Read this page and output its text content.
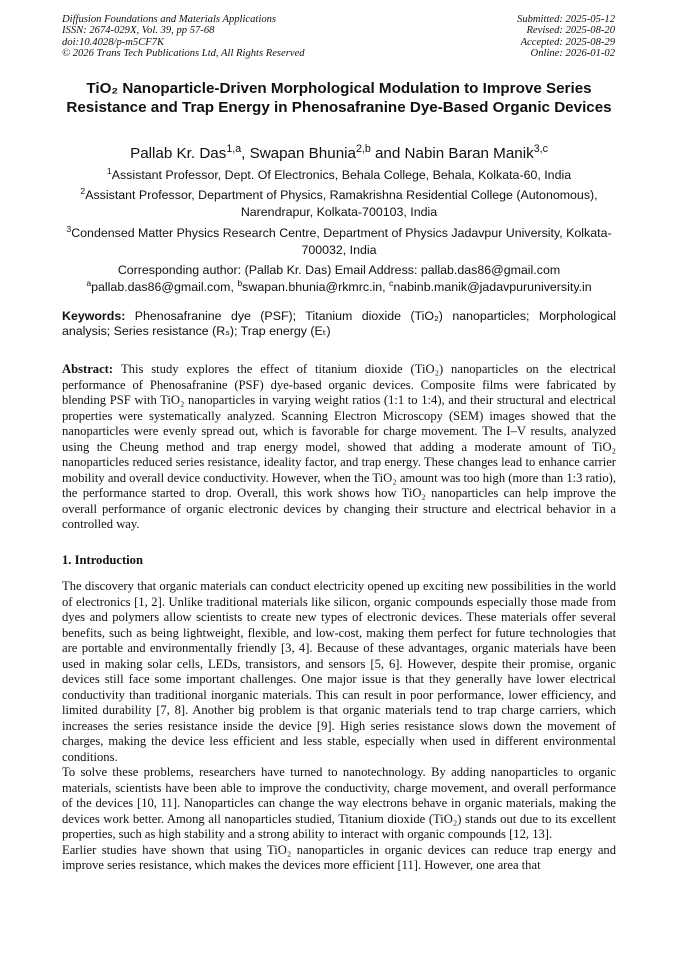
Diffusion Foundations and Materials Applications
ISSN: 2674-029X, Vol. 39, pp 57-68
doi:10.4028/p-m5CF7K
© 2026 Trans Tech Publications Ltd, All Rights Reserved
Submitted: 2025-05-12
Revised: 2025-08-20
Accepted: 2025-08-29
Online: 2026-01-02
TiO₂ Nanoparticle-Driven Morphological Modulation to Improve Series Resistance and Trap Energy in Phenosafranine Dye-Based Organic Devices
Pallab Kr. Das$^{1,a}$, Swapan Bhunia$^{2,b}$ and Nabin Baran Manik$^{3,c}$
$^1$Assistant Professor, Dept. Of Electronics, Behala College, Behala, Kolkata-60, India
$^2$Assistant Professor, Department of Physics, Ramakrishna Residential College (Autonomous), Narendrapur, Kolkata-700103, India
$^3$Condensed Matter Physics Research Centre, Department of Physics Jadavpur University, Kolkata-700032, India
Corresponding author: (Pallab Kr. Das) Email Address: pallab.das86@gmail.com
$^a$pallab.das86@gmail.com, $^b$swapan.bhunia@rkmrc.in, $^c$nabinb.manik@jadavpuruniversity.in
Keywords: Phenosafranine dye (PSF); Titanium dioxide (TiO₂) nanoparticles; Morphological analysis; Series resistance (Rₛ); Trap energy (Eₜ)
Abstract: This study explores the effect of titanium dioxide (TiO₂) nanoparticles on the electrical performance of Phenosafranine (PSF) dye-based organic devices. Composite films were fabricated by blending PSF with TiO₂ nanoparticles in varying weight ratios (1:1 to 1:4), and their structural and electrical properties were systematically analyzed. Scanning Electron Microscopy (SEM) images showed that the nanoparticles were evenly spread out, which is favorable for charge movement. The I–V results, analyzed using the Cheung method and trap energy model, showed that adding a moderate amount of TiO₂ nanoparticles reduced series resistance, ideality factor, and trap energy. These changes lead to enhance carrier mobility and overall device conductivity. However, when the TiO₂ amount was too high (more than 1:3 ratio), the performance started to drop. Overall, this work shows how TiO₂ nanoparticles can help improve the overall performance of organic electronic devices by changing their structure and electrical behavior in a controlled way.
1. Introduction

The discovery that organic materials can conduct electricity opened up exciting new possibilities in the world of electronics [1, 2]. Unlike traditional materials like silicon, organic compounds especially those made from dyes and polymers allow scientists to create new types of electronic devices. These materials offer several benefits, such as being lightweight, flexible, and low-cost, making them perfect for future technologies that are portable and environmentally friendly [3, 4]. Because of these advantages, organic materials have been used in making solar cells, LEDs, transistors, and sensors [5, 6]. However, despite their promise, organic devices still face some important challenges. One major issue is that they generally have lower electrical conductivity than traditional inorganic materials. This can result in poor performance, lower efficiency, and limited durability [7, 8]. Another big problem is that organic materials tend to trap charge carriers, which increases the series resistance inside the device [9]. High series resistance slows down the movement of charges, making the device less efficient and less stable, especially when used in different environmental conditions.

To solve these problems, researchers have turned to nanotechnology. By adding nanoparticles to organic materials, scientists have been able to improve the conductivity, charge movement, and overall performance of the devices [10, 11]. Nanoparticles can change the way electrons behave in organic materials, making the devices work better. Among all nanoparticles studied, Titanium dioxide (TiO₂) stands out due to its excellent properties, such as high stability and a strong ability to interact with organic compounds [12, 13].

Earlier studies have shown that using TiO₂ nanoparticles in organic devices can reduce trap energy and improve series resistance, which makes the devices more efficient [11]. However, one area that
